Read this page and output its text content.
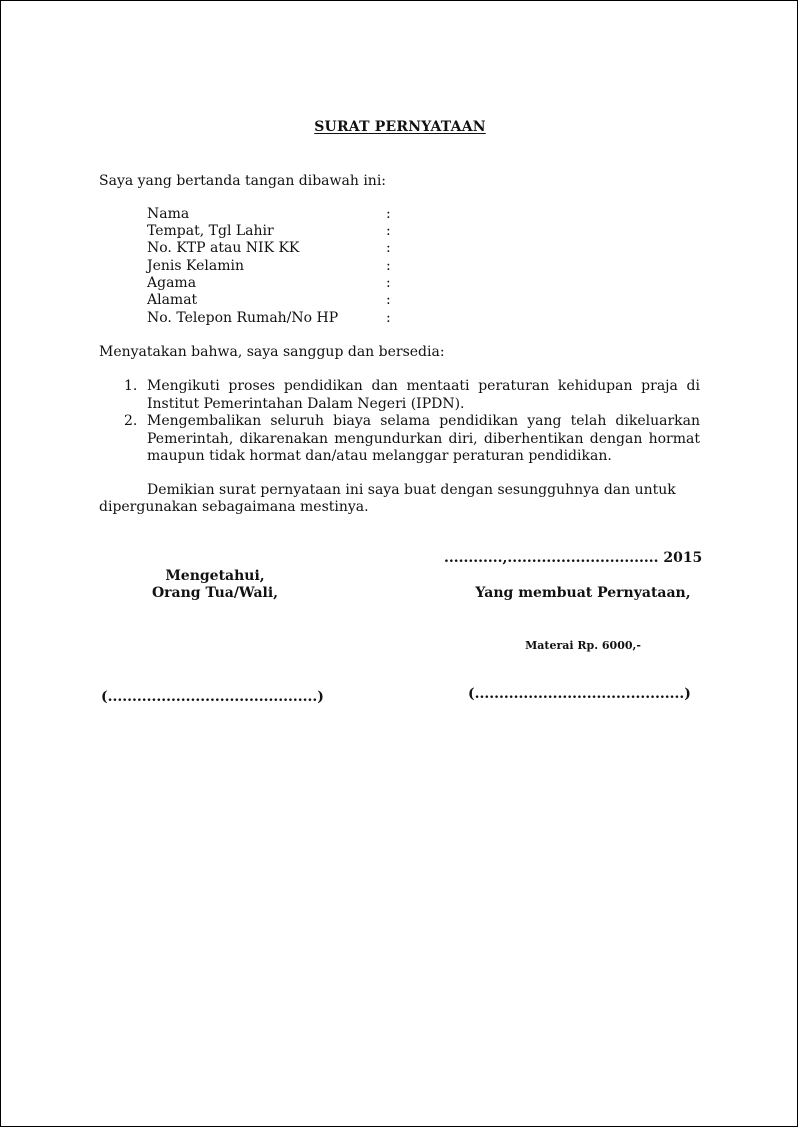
SURAT PERNYATAAN
Saya yang bertanda tangan dibawah ini:
Nama	:
Tempat, Tgl Lahir	:
No. KTP atau NIK KK	:
Jenis Kelamin	:
Agama	:
Alamat	:
No. Telepon Rumah/No HP	:
Menyatakan bahwa, saya sanggup dan bersedia:
1. Mengikuti proses pendidikan dan mentaati peraturan kehidupan praja di Institut Pemerintahan Dalam Negeri (IPDN).
2. Mengembalikan seluruh biaya selama pendidikan yang telah dikeluarkan Pemerintah, dikarenakan mengundurkan diri, diberhentikan dengan hormat maupun tidak hormat dan/atau melanggar peraturan pendidikan.
Demikian surat pernyataan ini saya buat dengan sesungguhnya dan untuk
dipergunakan sebagaimana mestinya.
............,............................... 2015
Mengetahui,
Orang Tua/Wali,
(...........................................)
Yang membuat Pernyataan,
Materai Rp. 6000,-
(...........................................)
